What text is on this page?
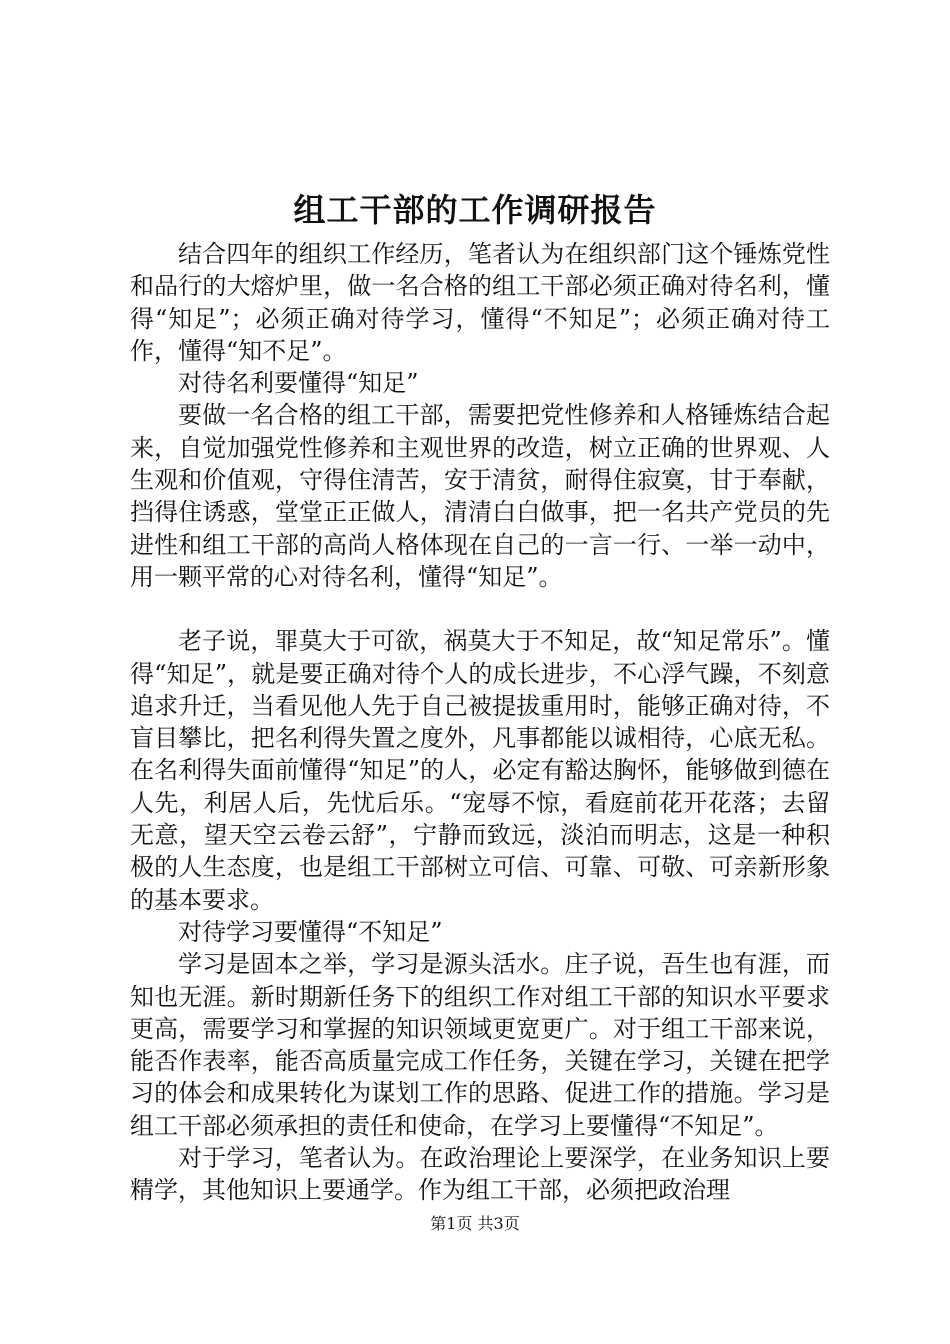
组工干部的工作调研报告

结合四年的组织工作经历，笔者认为在组织部门这个锤炼党性和品行的大熔炉里，做一名合格的组工干部必须正确对待名利，懂得“知足”；必须正确对待学习，懂得“不知足”；必须正确对待工作，懂得“知不足”。

对待名利要懂得“知足”

要做一名合格的组工干部，需要把党性修养和人格锤炼结合起来，自觉加强党性修养和主观世界的改造，树立正确的世界观、人生观和价值观，守得住清苦，安于清贫，耐得住寂寞，甘于奉献，挡得住诱惑，堂堂正正做人，清清白白做事，把一名共产党员的先进性和组工干部的高尚人格体现在自己的一言一行、一举一动中，用一颗平常的心对待名利，懂得“知足”。

老子说，罪莫大于可欲，祸莫大于不知足，故“知足常乐”。懂得“知足”，就是要正确对待个人的成长进步，不心浮气躁，不刻意追求升迁，当看见他人先于自己被提拔重用时，能够正确对待，不盲目攀比，把名利得失置之度外，凡事都能以诚相待，心底无私。在名利得失面前懂得“知足”的人，必定有豁达胸怀，能够做到德在人先，利居人后，先忧后乐。“宠辱不惊，看庭前花开花落；去留无意，望天空云卷云舒”，宁静而致远，淡泊而明志，这是一种积极的人生态度，也是组工干部树立可信、可靠、可敬、可亲新形象的基本要求。

对待学习要懂得“不知足”

学习是固本之举，学习是源头活水。庄子说，吾生也有涯，而知也无涯。新时期新任务下的组织工作对组工干部的知识水平要求更高，需要学习和掌握的知识领域更宽更广。对于组工干部来说，能否作表率，能否高质量完成工作任务，关键在学习，关键在把学习的体会和成果转化为谋划工作的思路、促进工作的措施。学习是组工干部必须承担的责任和使命，在学习上要懂得“不知足”。

对于学习，笔者认为。在政治理论上要深学，在业务知识上要精学，其他知识上要通学。作为组工干部，必须把政治理

第1页 共3页
